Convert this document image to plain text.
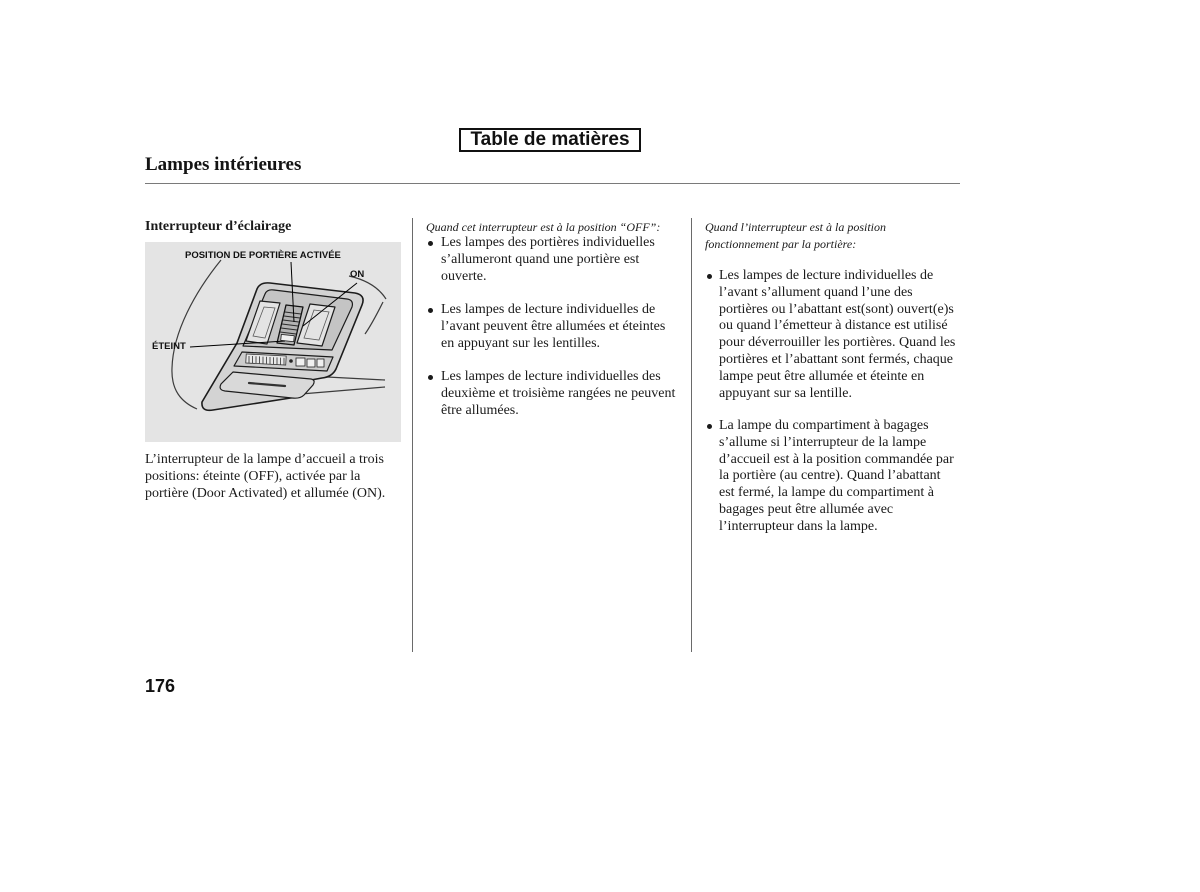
Table de matières
Lampes intérieures
Interrupteur d’éclairage
POSITION DE PORTIÈRE ACTIVÉE
ON
ÉTEINT
L’interrupteur de la lampe d’accueil a trois
positions: éteinte (OFF), activée par la
portière (Door Activated) et allumée (ON).
Quand cet interrupteur est à la position “OFF”:
Les lampes des portières individuelles
s’allumeront quand une portière est
ouverte.
Les lampes de lecture individuelles de
l’avant peuvent être allumées et éteintes
en appuyant sur les lentilles.
Les lampes de lecture individuelles des
deuxième et troisième rangées ne peuvent
être allumées.
Quand l’interrupteur est à la position
fonctionnement par la portière:
Les lampes de lecture individuelles de
l’avant s’allument quand l’une des
portières ou l’abattant est(sont) ouvert(e)s
ou quand l’émetteur à distance est utilisé
pour déverrouiller les portières. Quand les
portières et l’abattant sont fermés, chaque
lampe peut être allumée et éteinte en
appuyant sur sa lentille.
La lampe du compartiment à bagages
s’allume si l’interrupteur de la lampe
d’accueil est à la position commandée par
la portière (au centre). Quand l’abattant
est fermé, la lampe du compartiment à
bagages peut être allumée avec
l’interrupteur dans la lampe.
176
